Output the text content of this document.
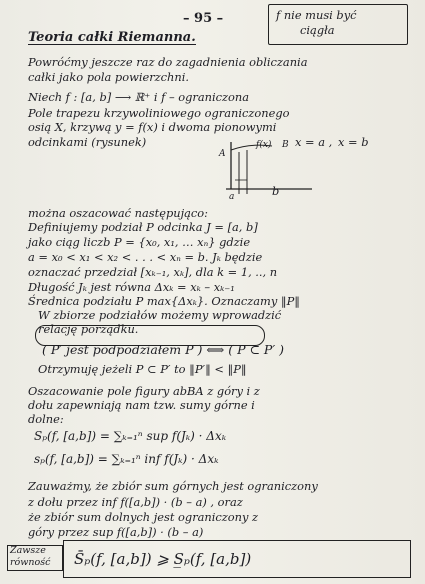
– 95 –
Teoria całki Riemanna.
f nie musi być
ciągła
Powróćmy jeszcze raz do zagadnienia obliczania
całki jako pola powierzchni.
Niech f : [a, b] ⟶ ℝ⁺ i f – ograniczona
Pole trapezu krzywoliniowego ograniczonego
osią X, krzywą y = f(x) i dwoma pionowymi
odcinkami (rysunek)	f(x)
A
B x = a , x = b
a	b
można oszacować następująco:
Definiujemy podział P odcinka J = [a, b]
jako ciąg liczb P = {x₀, x₁, … xₙ} gdzie
a = x₀ < x₁ < x₂ < . . . < xₙ = b. Jₖ będzie
oznaczać przedział [xₖ₋₁, xₖ], dla k = 1, .., n
Długość Jₖ jest równa Δxₖ = xₖ – xₖ₋₁
Średnica podziału P max{Δxₖ}. Oznaczamy ‖P‖
W zbiorze podziałów możemy wprowadzić
relację porządku.
( P′ jest podpodziałem P ) ⟺ ( P ⊂ P′ )
Otrzymuję jeżeli P ⊂ P′ to ‖P′‖ < ‖P‖
Oszacowanie pole figury abBA z góry i z
dołu zapewniają nam tzw. sumy górne i
dolne:
Sₚ(f, [a,b]) = ∑ₖ₌₁ⁿ sup f(Jₖ) · Δxₖ
sₚ(f, [a,b]) = ∑ₖ₌₁ⁿ inf f(Jₖ) · Δxₖ
Zauważmy, że zbiór sum górnych jest ograniczony
z dołu przez inf f([a,b]) · (b – a) , oraz
że zbiór sum dolnych jest ograniczony z
góry przez sup f([a,b]) · (b – a)
Zawsze
równość S̄ₚ(f, [a,b]) ⩾ S̲ₚ(f, [a,b])
